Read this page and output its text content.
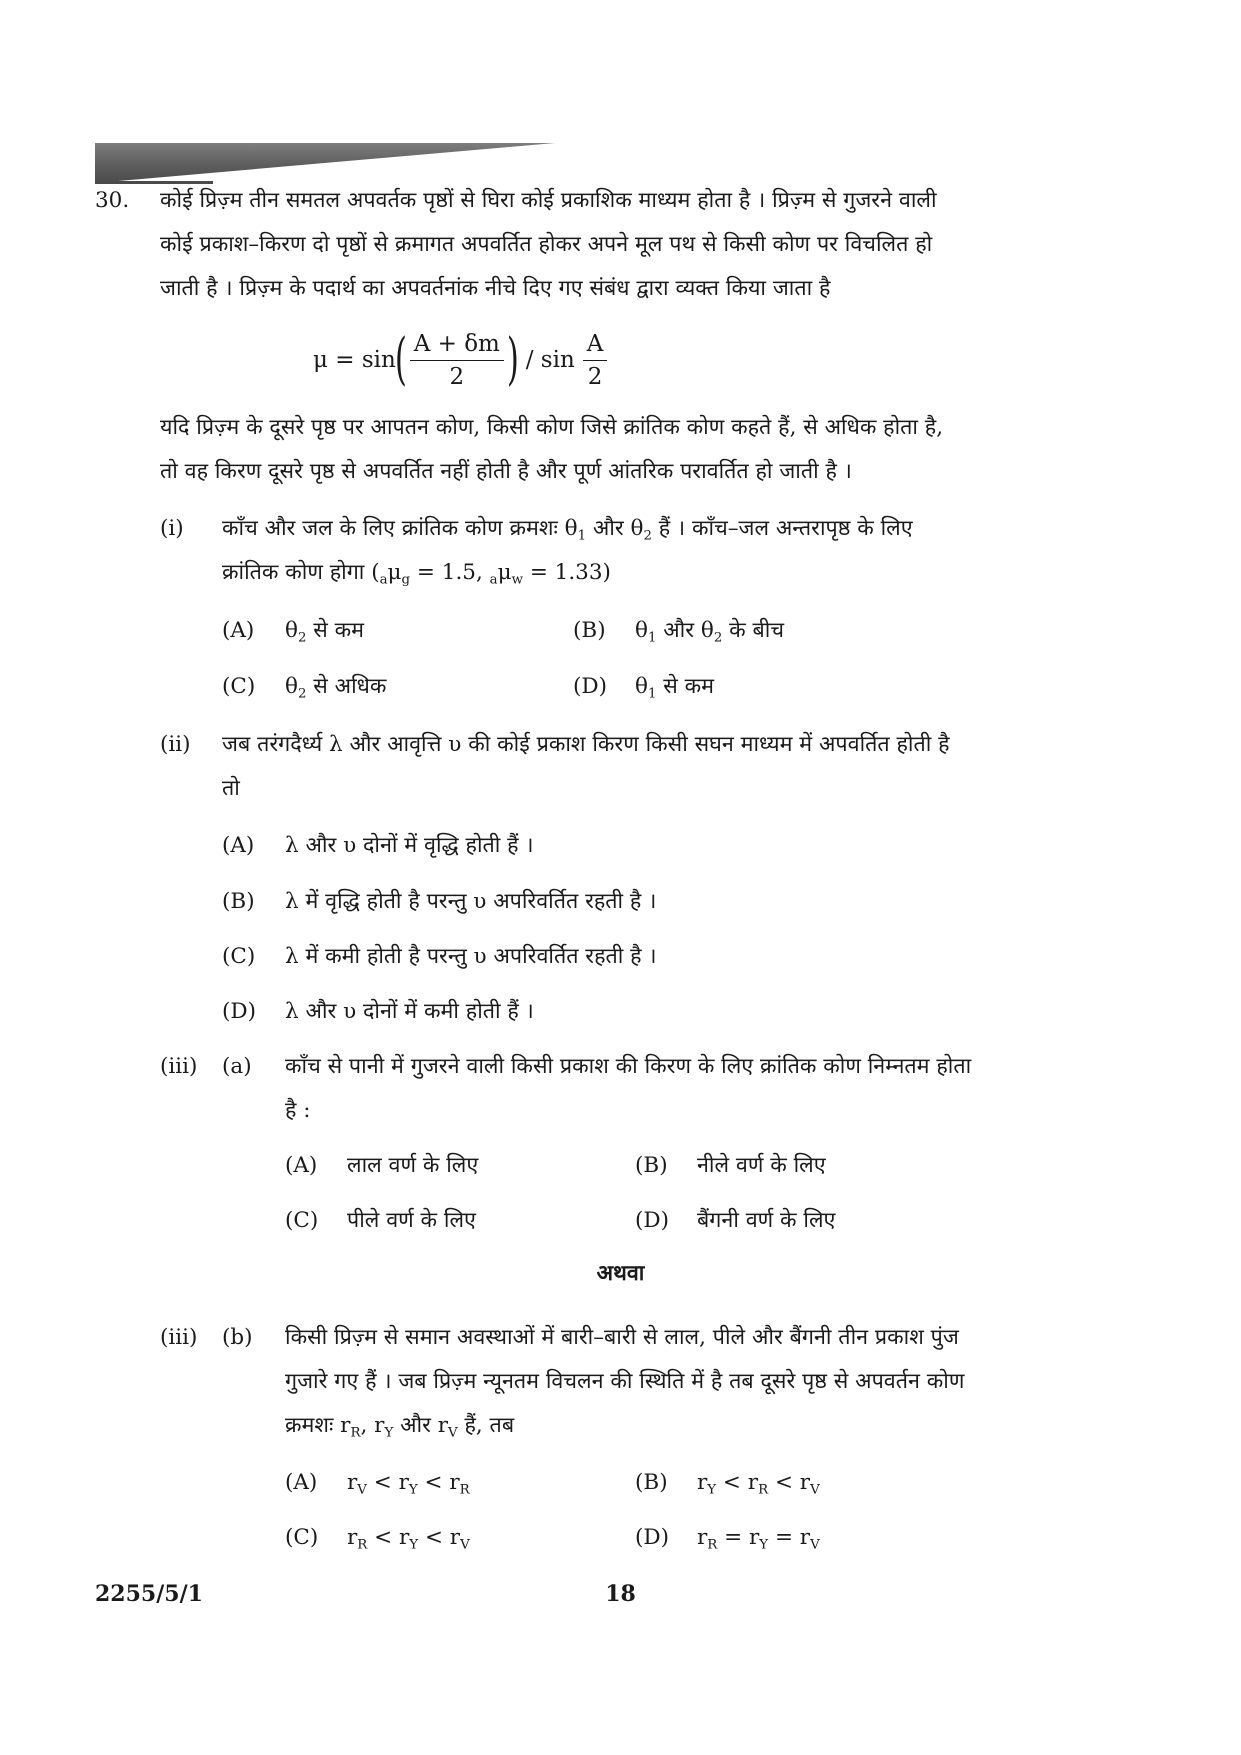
30. कोई प्रिज़्म तीन समतल अपवर्तक पृष्ठों से घिरा कोई प्रकाशिक माध्यम होता है । प्रिज़्म से गुजरने वाली
कोई प्रकाश–किरण दो पृष्ठों से क्रमागत अपवर्तित होकर अपने मूल पथ से किसी कोण पर विचलित हो
जाती है । प्रिज़्म के पदार्थ का अपवर्तनांक नीचे दिए गए संबंध द्वारा व्यक्त किया जाता है
μ = sin
( $\frac{A + \delta m}{2}$ ) / $\sin \frac{A}{2}$
यदि प्रिज़्म के दूसरे पृष्ठ पर आपतन कोण, किसी कोण जिसे क्रांतिक कोण कहते हैं, से अधिक होता है,
तो वह किरण दूसरे पृष्ठ से अपवर्तित नहीं होती है और पूर्ण आंतरिक परावर्तित हो जाती है ।
(i) काँच और जल के लिए क्रांतिक कोण क्रमशः $\theta_1$ और $\theta_2$ हैं । काँच–जल अन्तरापृष्ठ के लिए
क्रांतिक कोण होगा ($_a\mu_g = 1.5$, $_a\mu_w = 1.33$)
(A) $\theta_2$ से कम	(B) $\theta_1$ और $\theta_2$ के बीच
(C) $\theta_2$ से अधिक	(D) $\theta_1$ से कम
(ii) जब तरंगदैर्ध्य λ और आवृत्ति υ की कोई प्रकाश किरण किसी सघन माध्यम में अपवर्तित होती है
तो
(A) λ और υ दोनों में वृद्धि होती हैं ।
(B) λ में वृद्धि होती है परन्तु υ अपरिवर्तित रहती है ।
(C) λ में कमी होती है परन्तु υ अपरिवर्तित रहती है ।
(D) λ और υ दोनों में कमी होती हैं ।
(iii) (a) काँच से पानी में गुजरने वाली किसी प्रकाश की किरण के लिए क्रांतिक कोण निम्नतम होता
है :
(A) लाल वर्ण के लिए	(B) नीले वर्ण के लिए
(C) पीले वर्ण के लिए	(D) बैंगनी वर्ण के लिए
अथवा
(iii) (b) किसी प्रिज़्म से समान अवस्थाओं में बारी–बारी से लाल, पीले और बैंगनी तीन प्रकाश पुंज
गुजारे गए हैं । जब प्रिज़्म न्यूनतम विचलन की स्थिति में है तब दूसरे पृष्ठ से अपवर्तन कोण
क्रमशः $r_R$, $r_Y$ और $r_V$ हैं, तब
(A) $r_V < r_Y < r_R$	(B) $r_Y < r_R < r_V$
(C) $r_R < r_Y < r_V$	(D) $r_R = r_Y = r_V$
2255/5/1	18
